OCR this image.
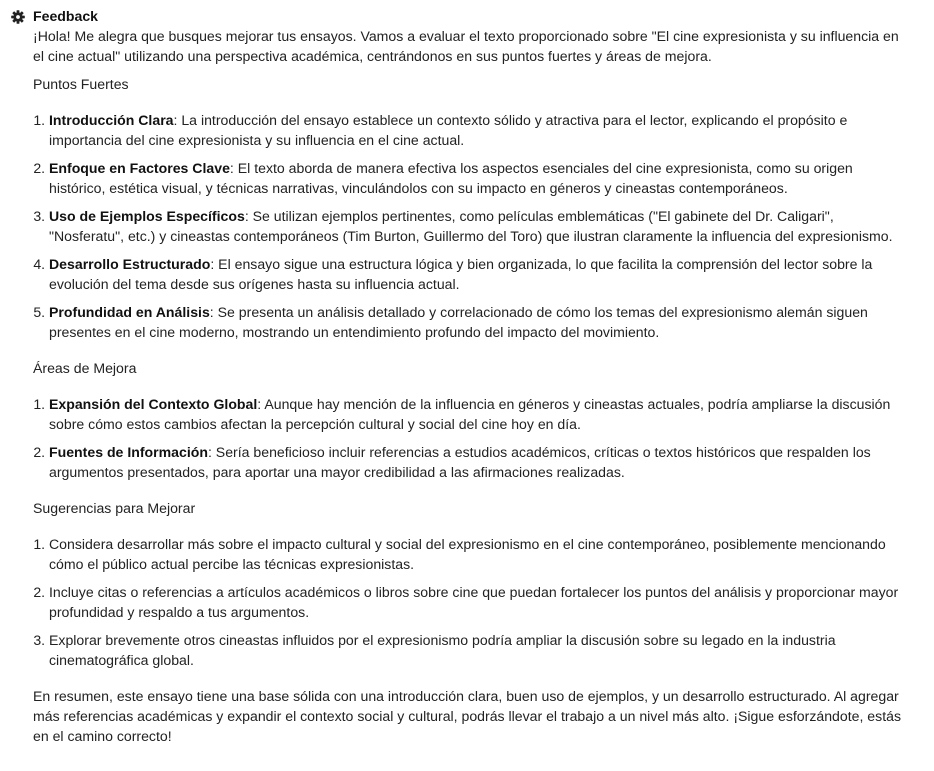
Feedback

¡Hola! Me alegra que busques mejorar tus ensayos. Vamos a evaluar el texto proporcionado sobre "El cine expresionista y su influencia en el cine actual" utilizando una perspectiva académica, centrándonos en sus puntos fuertes y áreas de mejora.

Puntos Fuertes
1. Introducción Clara: La introducción del ensayo establece un contexto sólido y atractiva para el lector, explicando el propósito e importancia del cine expresionista y su influencia en el cine actual.
2. Enfoque en Factores Clave: El texto aborda de manera efectiva los aspectos esenciales del cine expresionista, como su origen histórico, estética visual, y técnicas narrativas, vinculándolos con su impacto en géneros y cineastas contemporáneos.
3. Uso de Ejemplos Específicos: Se utilizan ejemplos pertinentes, como películas emblemáticas ("El gabinete del Dr. Caligari", "Nosferatu", etc.) y cineastas contemporáneos (Tim Burton, Guillermo del Toro) que ilustran claramente la influencia del expresionismo.
4. Desarrollo Estructurado: El ensayo sigue una estructura lógica y bien organizada, lo que facilita la comprensión del lector sobre la evolución del tema desde sus orígenes hasta su influencia actual.
5. Profundidad en Análisis: Se presenta un análisis detallado y correlacionado de cómo los temas del expresionismo alemán siguen presentes en el cine moderno, mostrando un entendimiento profundo del impacto del movimiento.
Áreas de Mejora
1. Expansión del Contexto Global: Aunque hay mención de la influencia en géneros y cineastas actuales, podría ampliarse la discusión sobre cómo estos cambios afectan la percepción cultural y social del cine hoy en día.
2. Fuentes de Información: Sería beneficioso incluir referencias a estudios académicos, críticas o textos históricos que respalden los argumentos presentados, para aportar una mayor credibilidad a las afirmaciones realizadas.
Sugerencias para Mejorar
1. Considera desarrollar más sobre el impacto cultural y social del expresionismo en el cine contemporáneo, posiblemente mencionando cómo el público actual percibe las técnicas expresionistas.
2. Incluye citas o referencias a artículos académicos o libros sobre cine que puedan fortalecer los puntos del análisis y proporcionar mayor profundidad y respaldo a tus argumentos.
3. Explorar brevemente otros cineastas influidos por el expresionismo podría ampliar la discusión sobre su legado en la industria cinematográfica global.

En resumen, este ensayo tiene una base sólida con una introducción clara, buen uso de ejemplos, y un desarrollo estructurado. Al agregar más referencias académicas y expandir el contexto social y cultural, podrás llevar el trabajo a un nivel más alto. ¡Sigue esforzándote, estás en el camino correcto!
